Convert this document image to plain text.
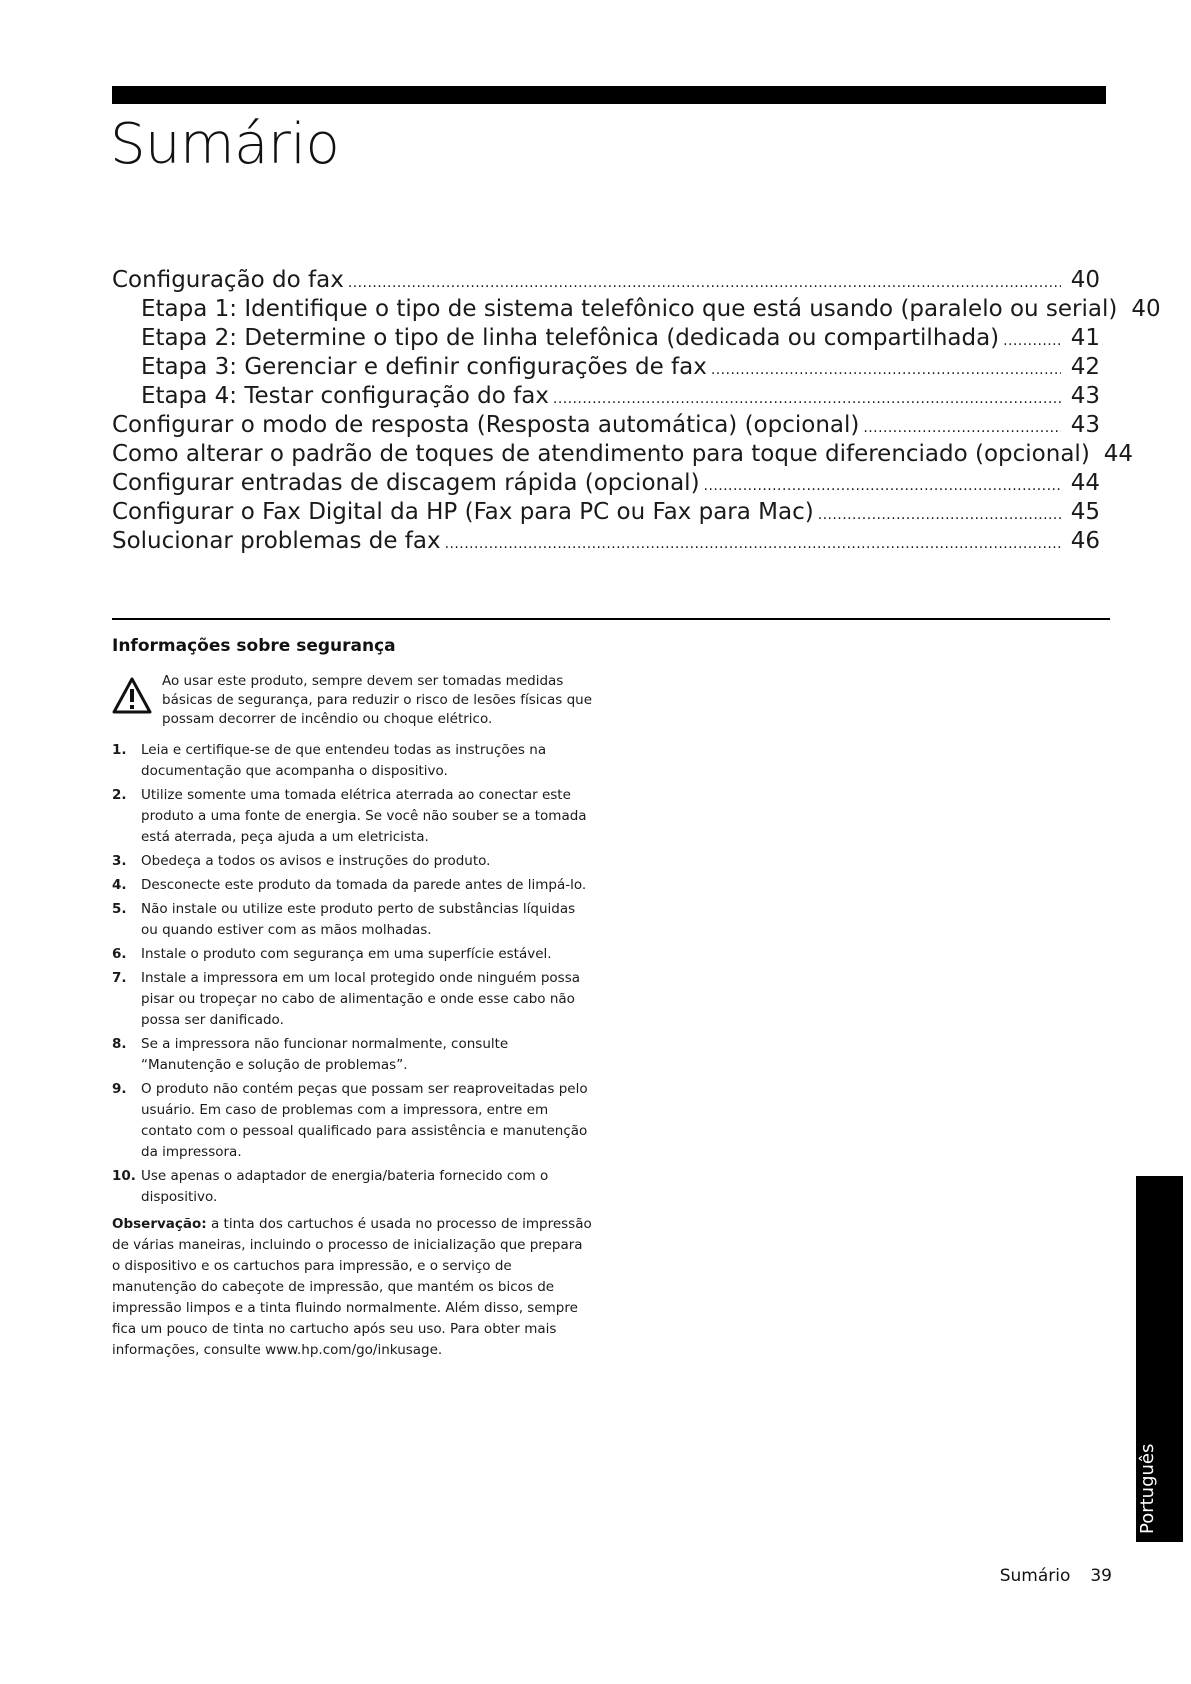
Sumário
Configuração do fax . . .	40
Etapa 1: Identifique o tipo de sistema telefônico que está usando (paralelo ou serial) 40
Etapa 2: Determine o tipo de linha telefônica (dedicada ou compartilhada) . . .	41
Etapa 3: Gerenciar e definir configurações de fax . . .	42
Etapa 4: Testar configuração do fax . . .	43
Configurar o modo de resposta (Resposta automática) (opcional) . . .	43
Como alterar o padrão de toques de atendimento para toque diferenciado (opcional) 44
Configurar entradas de discagem rápida (opcional) . . .	44
Configurar o Fax Digital da HP (Fax para PC ou Fax para Mac) . . .	45
Solucionar problemas de fax . . .	46
Informações sobre segurança
Ao usar este produto, sempre devem ser tomadas medidas básicas de segurança, para reduzir o risco de lesões físicas que possam decorrer de incêndio ou choque elétrico.
1. Leia e certifique-se de que entendeu todas as instruções na documentação que acompanha o dispositivo.
2. Utilize somente uma tomada elétrica aterrada ao conectar este produto a uma fonte de energia. Se você não souber se a tomada está aterrada, peça ajuda a um eletricista.
3. Obedeça a todos os avisos e instruções do produto.
4. Desconecte este produto da tomada da parede antes de limpá-lo.
5. Não instale ou utilize este produto perto de substâncias líquidas ou quando estiver com as mãos molhadas.
6. Instale o produto com segurança em uma superfície estável.
7. Instale a impressora em um local protegido onde ninguém possa pisar ou tropeçar no cabo de alimentação e onde esse cabo não possa ser danificado.
8. Se a impressora não funcionar normalmente, consulte “Manutenção e solução de problemas”.
9. O produto não contém peças que possam ser reaproveitadas pelo usuário. Em caso de problemas com a impressora, entre em contato com o pessoal qualificado para assistência e manutenção da impressora.
10. Use apenas o adaptador de energia/bateria fornecido com o dispositivo.
Observação: a tinta dos cartuchos é usada no processo de impressão de várias maneiras, incluindo o processo de inicialização que prepara o dispositivo e os cartuchos para impressão, e o serviço de manutenção do cabeçote de impressão, que mantém os bicos de impressão limpos e a tinta fluindo normalmente. Além disso, sempre fica um pouco de tinta no cartucho após seu uso. Para obter mais informações, consulte www.hp.com/go/inkusage.
Português
Sumário 39
